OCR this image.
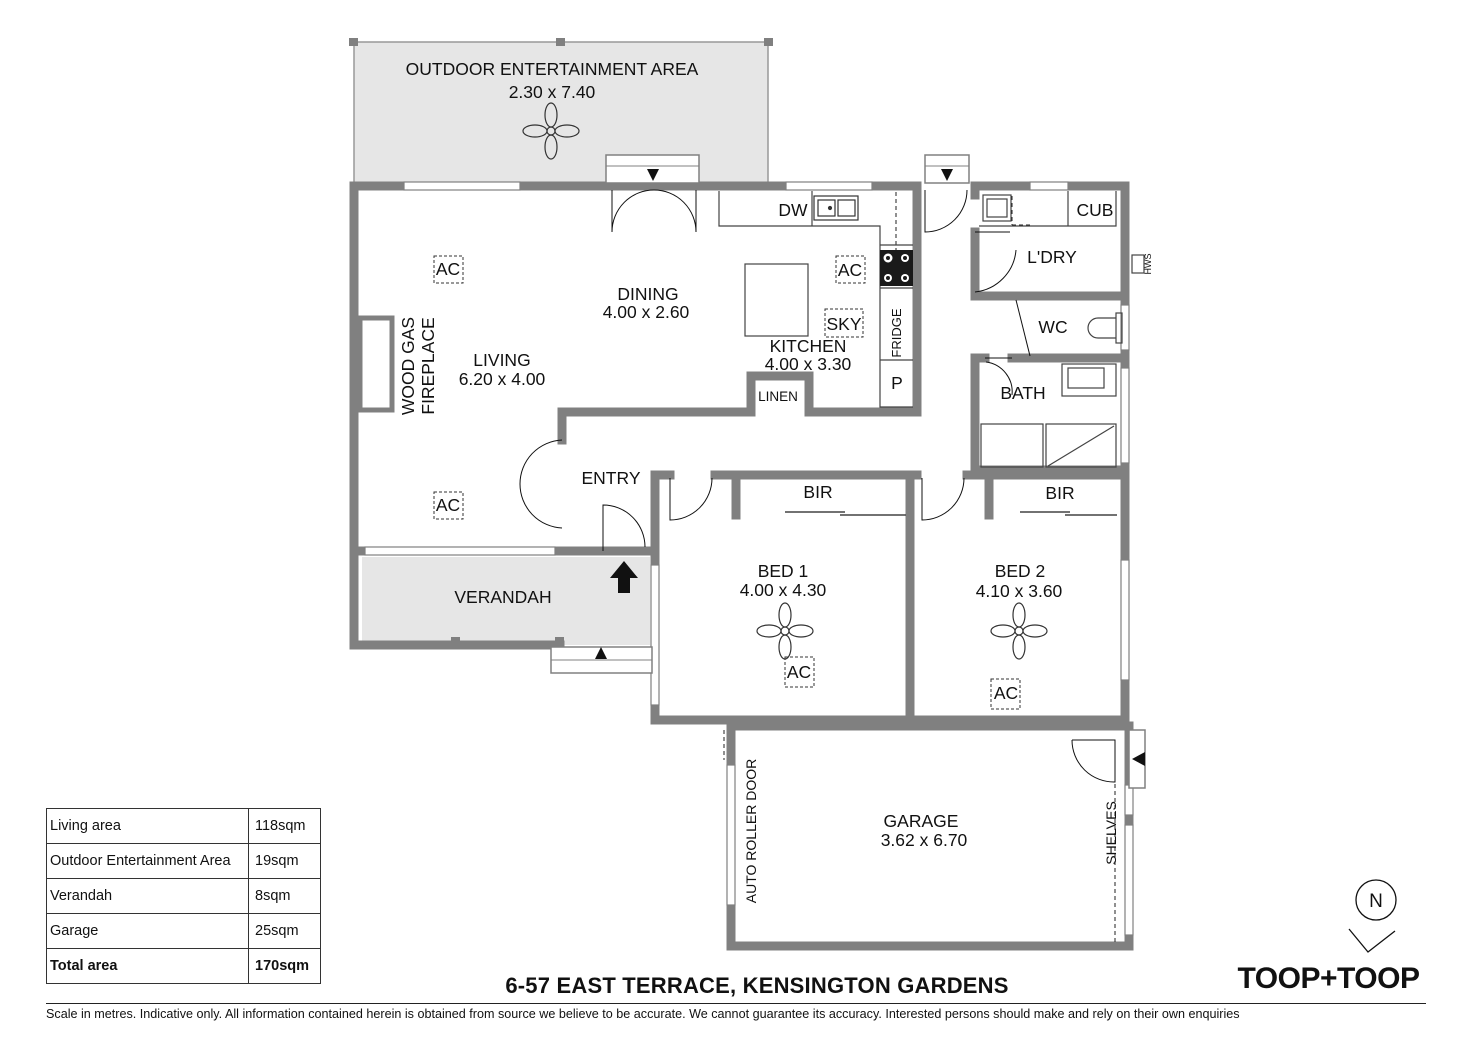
OUTDOOR ENTERTAINMENT AREA
2.30 x 7.40
DINING
4.00 x 2.60
LIVING
6.20 x 4.00
KITCHEN
4.00 x 3.30
ENTRY
VERANDAH
BED 1
4.00 x 4.30
BED 2
4.10 x 3.60
GARAGE
3.62 x 6.70
L'DRY
WC
BATH
BIR	BIR
DW	CUB
SKY
P
AC	AC
AC
AC
AC
LINEN
FRIDGE
HWS
WOOD GAS FIREPLACE
AUTO ROLLER DOOR	SHELVES
N
Living area	118sqm
Outdoor Entertainment Area	19sqm
Verandah	8sqm
Garage	25sqm
Total area	170sqm
6-57 EAST TERRACE, KENSINGTON GARDENS	TOOP+TOOP
Scale in metres. Indicative only. All information contained herein is obtained from source we believe to be accurate. We cannot guarantee its accuracy. Interested persons should make and rely on their own enquiries
